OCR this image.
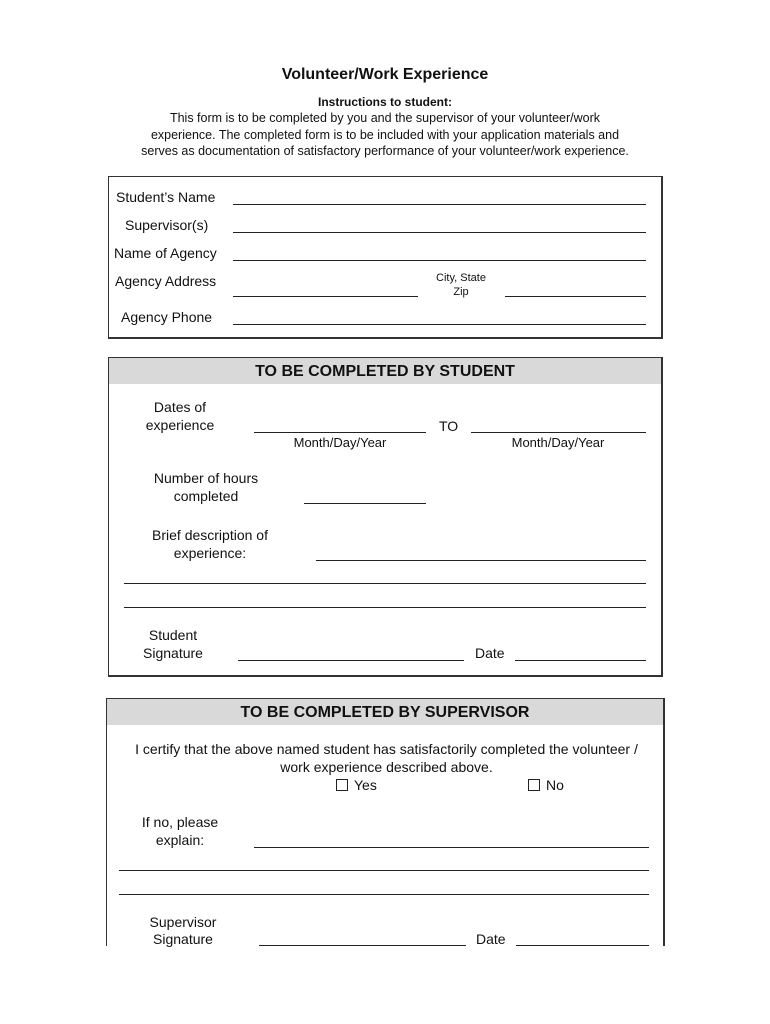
Volunteer/Work Experience
Instructions to student:
This form is to be completed by you and the supervisor of your volunteer/work
experience. The completed form is to be included with your application materials and
serves as documentation of satisfactory performance of your volunteer/work experience.
Student’s Name
Supervisor(s)
Name of Agency
Agency Address	City, State
Zip
Agency Phone
TO BE COMPLETED BY STUDENT
Dates of
experience	TO
Month/Day/Year	Month/Day/Year
Number of hours
completed
Brief description of
experience:
Student
Signature	Date
TO BE COMPLETED BY SUPERVISOR
I certify that the above named student has satisfactorily completed the volunteer /
work experience described above.
Yes	No
If no, please
explain:
Supervisor
Signature	Date
